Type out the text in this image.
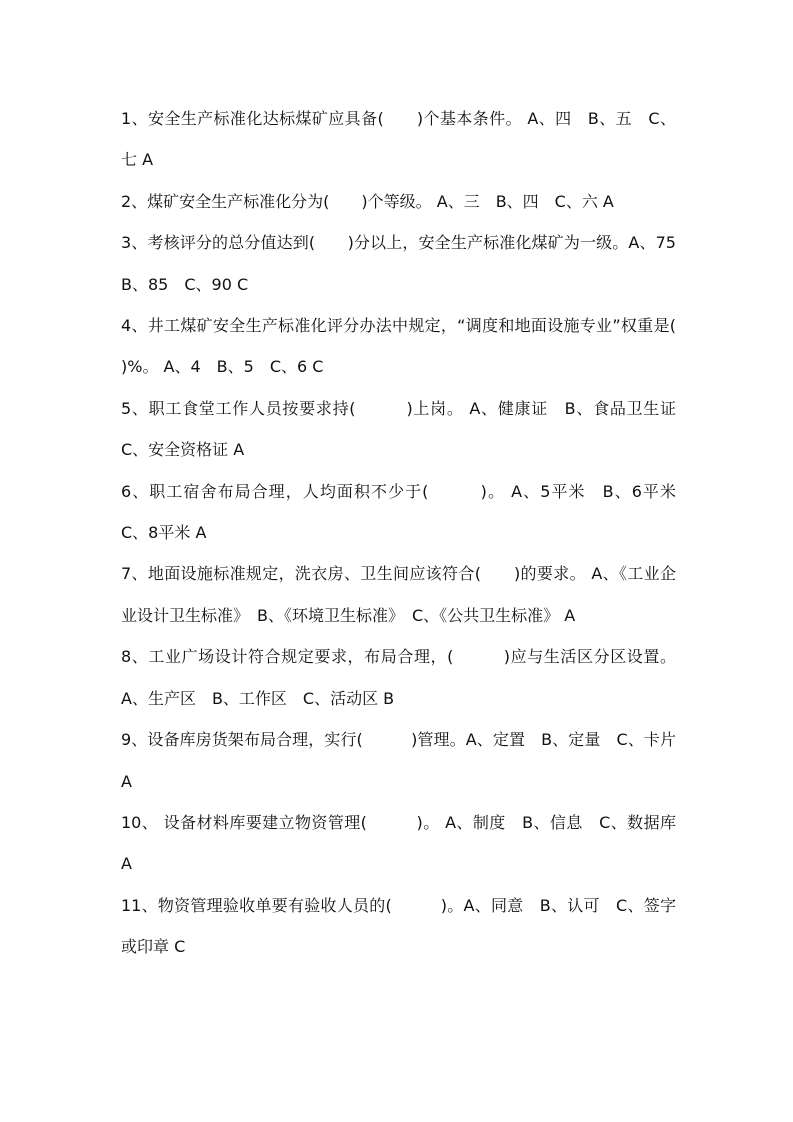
1、安全生产标准化达标煤矿应具备(　　)个基本条件。 A、四　B、五　C、七 A

2、煤矿安全生产标准化分为(　　)个等级。 A、三　B、四　C、六 A

3、考核评分的总分值达到(　　)分以上，安全生产标准化煤矿为一级。A、75　B、85　C、90 C

4、井工煤矿安全生产标准化评分办法中规定，“调度和地面设施专业”权重是(　　)%。 A、4　B、5　C、6 C

5、职工食堂工作人员按要求持(　　　)上岗。 A、健康证　B、食品卫生证　C、安全资格证 A

6、职工宿舍布局合理，人均面积不少于(　　　)。 A、5平米　B、6平米　C、8平米 A

7、地面设施标准规定，洗衣房、卫生间应该符合(　　)的要求。 A、《工业企业设计卫生标准》　B、《环境卫生标准》　C、《公共卫生标准》 A

8、工业广场设计符合规定要求，布局合理，(　　　)应与生活区分区设置。 A、生产区　B、工作区　C、活动区 B

9、设备库房货架布局合理，实行(　　　)管理。A、定置　B、定量　C、卡片 A

10、 设备材料库要建立物资管理(　　　)。 A、制度　B、信息　C、数据库 A

11、物资管理验收单要有验收人员的(　　　)。A、同意　B、认可　C、签字或印章 C
